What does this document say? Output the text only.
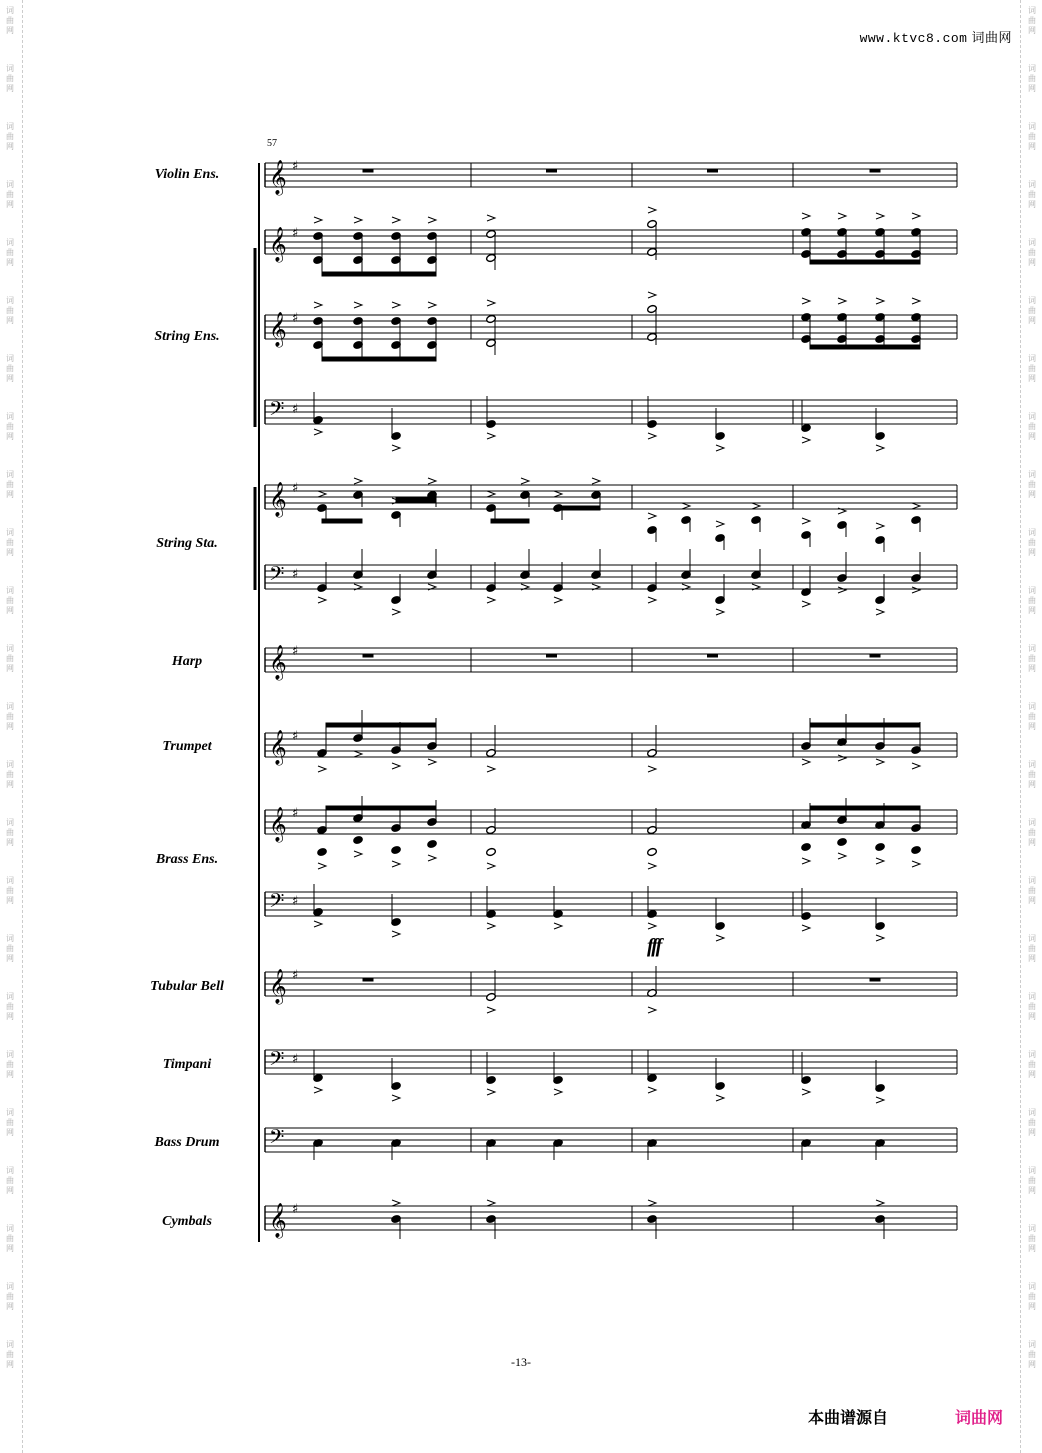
词
曲
网
词
曲
网
词
曲
网
词
曲
网
词
曲
网
词
曲
网
词
曲
网
词
曲
网
词
曲
网
词
曲
网
词
曲
网
词
曲
网
词
曲
网
词
曲
网
词
曲
网
词
曲
网
词
曲
网
词
曲
网
词
曲
网
词
曲
网
词
曲
网
词
曲
网
词
曲
网
词
曲
网
词
曲
网
词
曲
网
词
曲
网
词
曲
网
词
曲
网
词
曲
网
词
曲
网
词
曲
网
词
曲
网
词
曲
网
词
曲
网
词
曲
网
词
曲
网
词
曲
网
词
曲
网
词
曲
网
词
曲
网
词
曲
网
词
曲
网
词
曲
网
词
曲
网
词
曲
网
词
曲
网
词
曲
网
www.ktvc8.com 词曲网
57
Violin Ens.
String Ens.
String Sta.
Harp
Trumpet
Brass Ens.
Tubular Bell
Timpani
Bass Drum
Cymbals
fff
𝄞 ♯
𝄞 ♯
𝄞 ♯
𝄢 ♯
𝄞 ♯
𝄢 ♯
𝄞 ♯
𝄞 ♯
𝄞 ♯
𝄢 ♯
𝄞 ♯
𝄢 ♯
𝄢
𝄞 ♯
-13-
本曲谱源自	词曲网
